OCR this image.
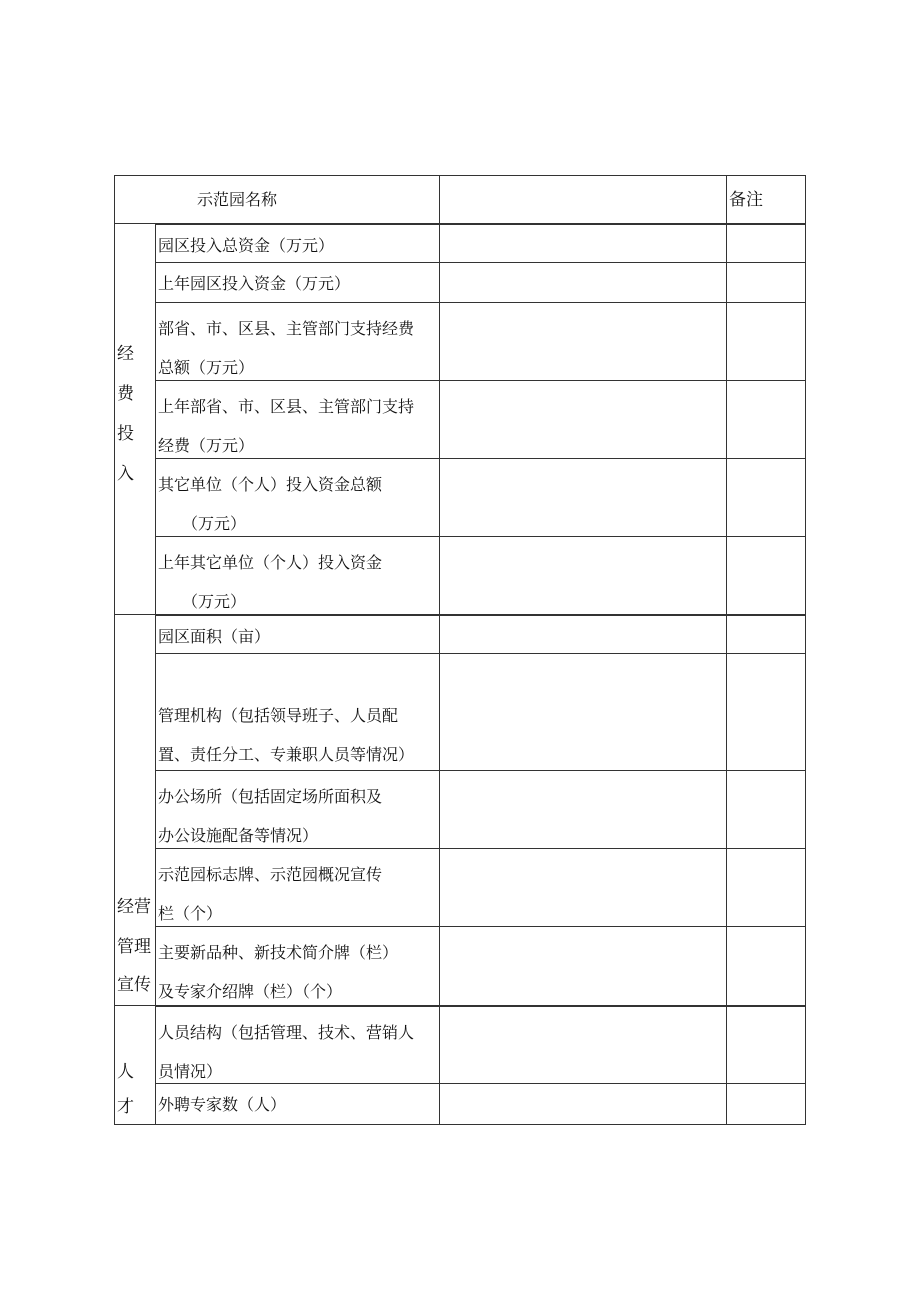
示范园名称	备注
经
费
投
入
园区投入总资金（万元）
上年园区投入资金（万元）
部省、市、区县、主管部门支持经费
总额（万元）
上年部省、市、区县、主管部门支持
经费（万元）
其它单位（个人）投入资金总额
（万元）
上年其它单位（个人）投入资金
（万元）
经营
管理
宣传
园区面积（亩）
管理机构（包括领导班子、人员配
置、责任分工、专兼职人员等情况）
办公场所（包括固定场所面积及
办公设施配备等情况）
示范园标志牌、示范园概况宣传
栏（个）
主要新品种、新技术简介牌（栏）
及专家介绍牌（栏）（个）
人
才
人员结构（包括管理、技术、营销人
员情况）
外聘专家数（人）
